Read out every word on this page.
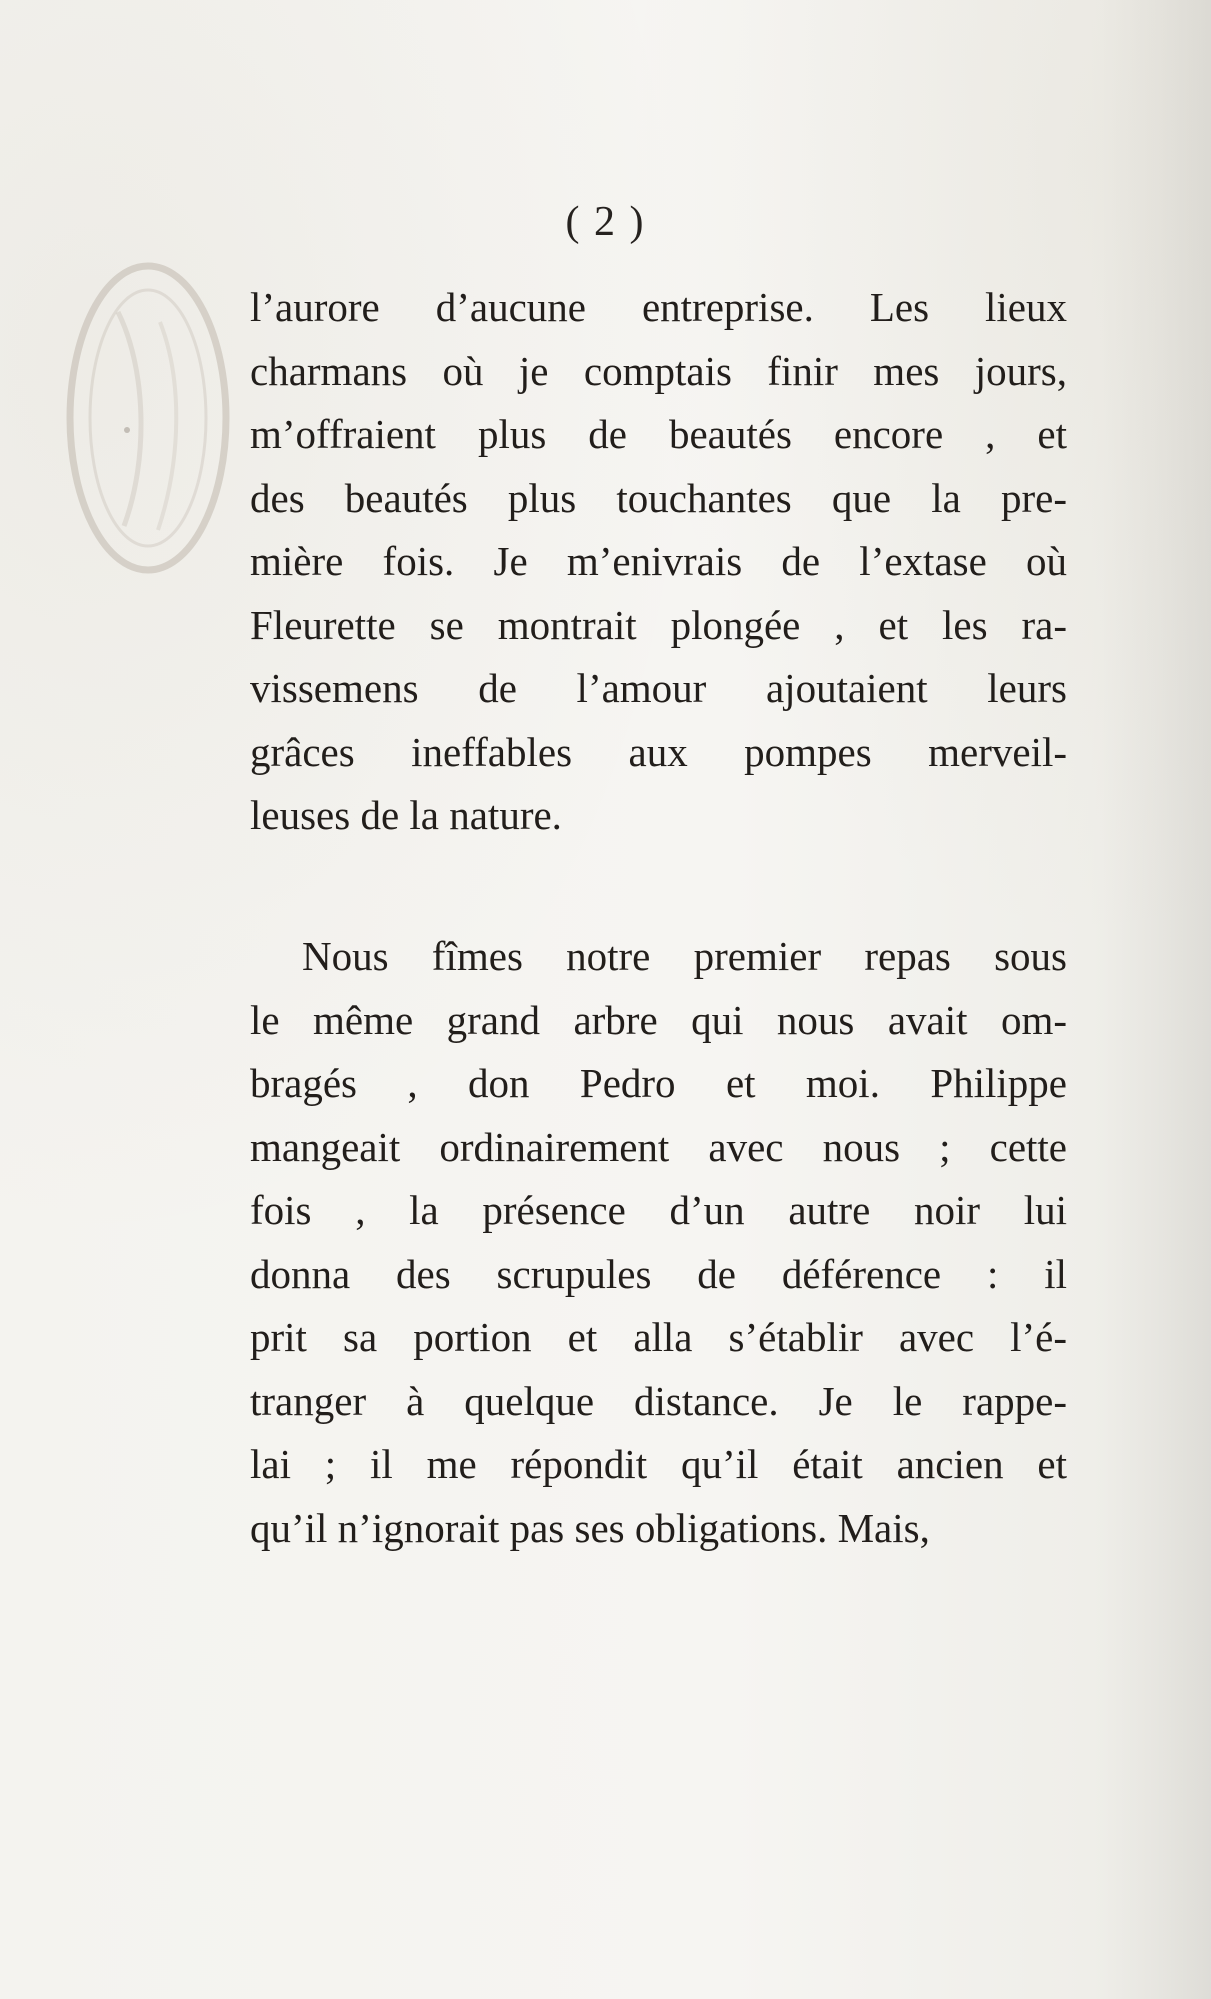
( 2 )
l’aurore d’aucune entreprise. Les lieux
charmans où je comptais finir mes jours,
m’offraient plus de beautés encore , et
des beautés plus touchantes que la pre-
mière fois. Je m’enivrais de l’extase où
Fleurette se montrait plongée , et les ra-
vissemens de l’amour ajoutaient leurs
grâces ineffables aux pompes merveil-
leuses de la nature.
Nous fîmes notre premier repas sous
le même grand arbre qui nous avait om-
bragés , don Pedro et moi. Philippe
mangeait ordinairement avec nous ; cette
fois , la présence d’un autre noir lui
donna des scrupules de déférence : il
prit sa portion et alla s’établir avec l’é-
tranger à quelque distance. Je le rappe-
lai ; il me répondit qu’il était ancien et
qu’il n’ignorait pas ses obligations. Mais,
